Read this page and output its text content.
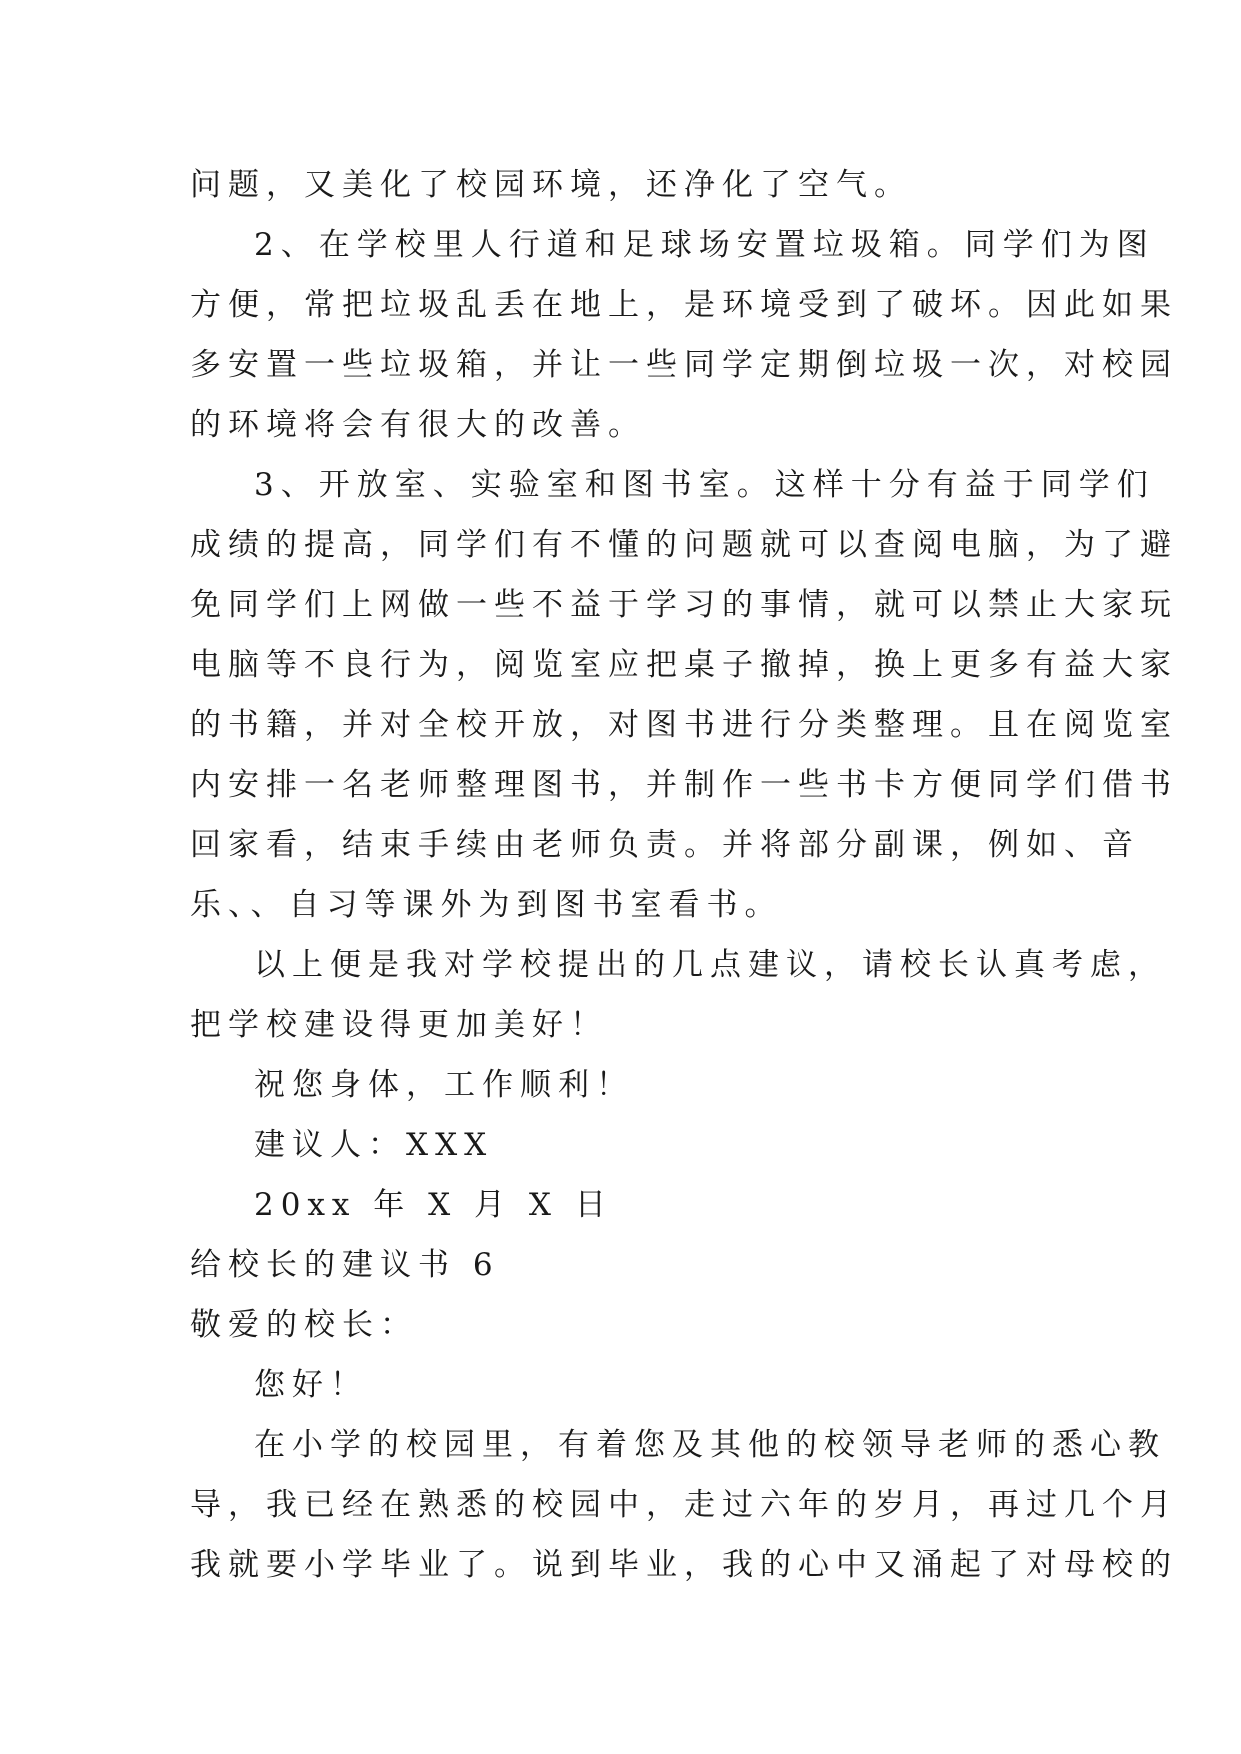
问题，又美化了校园环境，还净化了空气。
2、在学校里人行道和足球场安置垃圾箱。同学们为图
方便，常把垃圾乱丢在地上，是环境受到了破坏。因此如果
多安置一些垃圾箱，并让一些同学定期倒垃圾一次，对校园
的环境将会有很大的改善。
3、开放室、实验室和图书室。这样十分有益于同学们
成绩的提高，同学们有不懂的问题就可以查阅电脑，为了避
免同学们上网做一些不益于学习的事情，就可以禁止大家玩
电脑等不良行为，阅览室应把桌子撤掉，换上更多有益大家
的书籍，并对全校开放，对图书进行分类整理。且在阅览室
内安排一名老师整理图书，并制作一些书卡方便同学们借书
回家看，结束手续由老师负责。并将部分副课，例如、音
乐、、自习等课外为到图书室看书。
以上便是我对学校提出的几点建议，请校长认真考虑，
把学校建设得更加美好！
祝您身体，工作顺利！
建议人：XXX
20xx 年 X 月 X 日
给校长的建议书 6
敬爱的校长：
您好！
在小学的校园里，有着您及其他的校领导老师的悉心教
导，我已经在熟悉的校园中，走过六年的岁月，再过几个月
我就要小学毕业了。说到毕业，我的心中又涌起了对母校的
